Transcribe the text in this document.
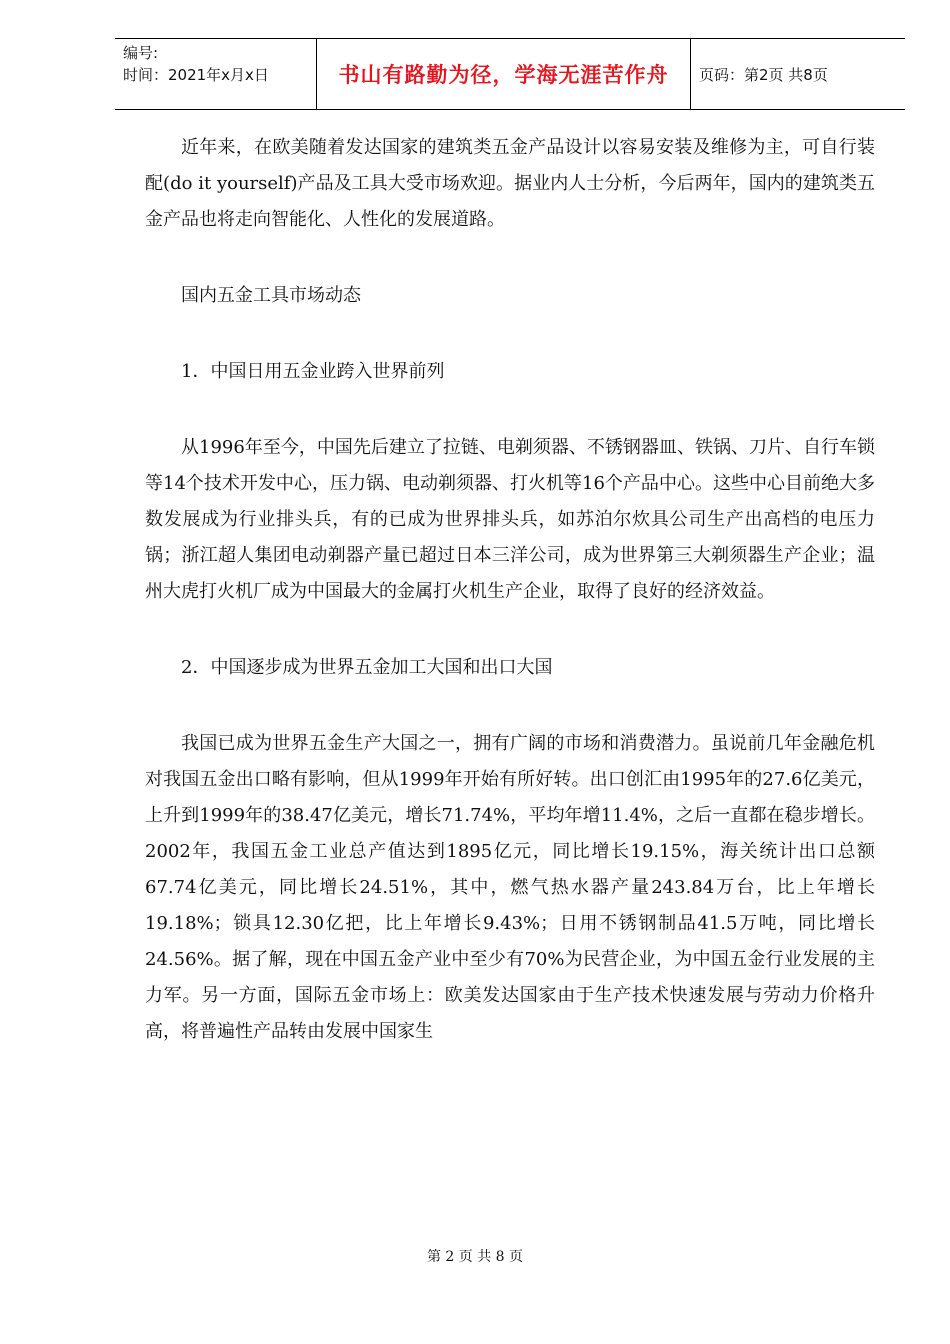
编号:
时间：2021年x月x日	书山有路勤为径，学海无涯苦作舟	页码：第2页 共8页

近年来，在欧美随着发达国家的建筑类五金产品设计以容易安装及维修为主，可自行装配(do it yourself)产品及工具大受市场欢迎。据业内人士分析，今后两年，国内的建筑类五金产品也将走向智能化、人性化的发展道路。

国内五金工具市场动态

1．中国日用五金业跨入世界前列

从1996年至今，中国先后建立了拉链、电剃须器、不锈钢器皿、铁锅、刀片、自行车锁等14个技术开发中心，压力锅、电动剃须器、打火机等16个产品中心。这些中心目前绝大多数发展成为行业排头兵，有的已成为世界排头兵，如苏泊尔炊具公司生产出高档的电压力锅；浙江超人集团电动剃器产量已超过日本三洋公司，成为世界第三大剃须器生产企业；温州大虎打火机厂成为中国最大的金属打火机生产企业，取得了良好的经济效益。

2．中国逐步成为世界五金加工大国和出口大国

我国已成为世界五金生产大国之一，拥有广阔的市场和消费潜力。虽说前几年金融危机对我国五金出口略有影响，但从1999年开始有所好转。出口创汇由1995年的27.6亿美元，上升到1999年的38.47亿美元，增长71.74%，平均年增11.4%，之后一直都在稳步增长。2002年，我国五金工业总产值达到1895亿元，同比增长19.15%，海关统计出口总额67.74亿美元，同比增长24.51%，其中，燃气热水器产量243.84万台，比上年增长19.18%；锁具12.30亿把，比上年增长9.43%；日用不锈钢制品41.5万吨，同比增长24.56%。据了解，现在中国五金产业中至少有70%为民营企业，为中国五金行业发展的主力军。另一方面，国际五金市场上：欧美发达国家由于生产技术快速发展与劳动力价格升高，将普遍性产品转由发展中国家生

第 2 页 共 8 页
